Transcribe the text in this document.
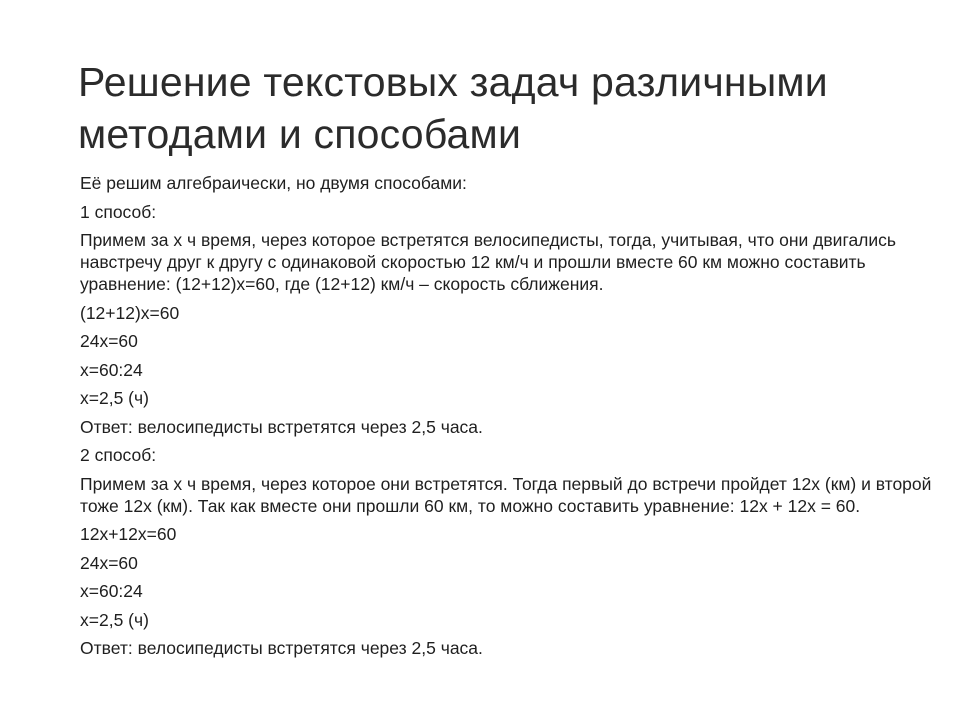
Решение текстовых задач различными
методами и способами

Её решим алгебраически, но двумя способами:

1 способ:

Примем за х ч время, через которое встретятся велосипедисты, тогда, учитывая, что они двигались навстречу друг к другу с одинаковой скоростью 12 км/ч и прошли вместе 60 км можно составить уравнение: (12+12)х=60, где (12+12) км/ч – скорость сближения.

(12+12)х=60

24х=60

х=60:24

х=2,5 (ч)

Ответ: велосипедисты встретятся через 2,5 часа.

2 способ:

Примем за х ч время, через которое они встретятся. Тогда первый до встречи пройдет 12х (км) и второй тоже 12х (км). Так как вместе они прошли 60 км, то можно составить уравнение: 12х + 12х = 60.

12х+12х=60

24х=60

х=60:24

х=2,5 (ч)

Ответ: велосипедисты встретятся через 2,5 часа.
